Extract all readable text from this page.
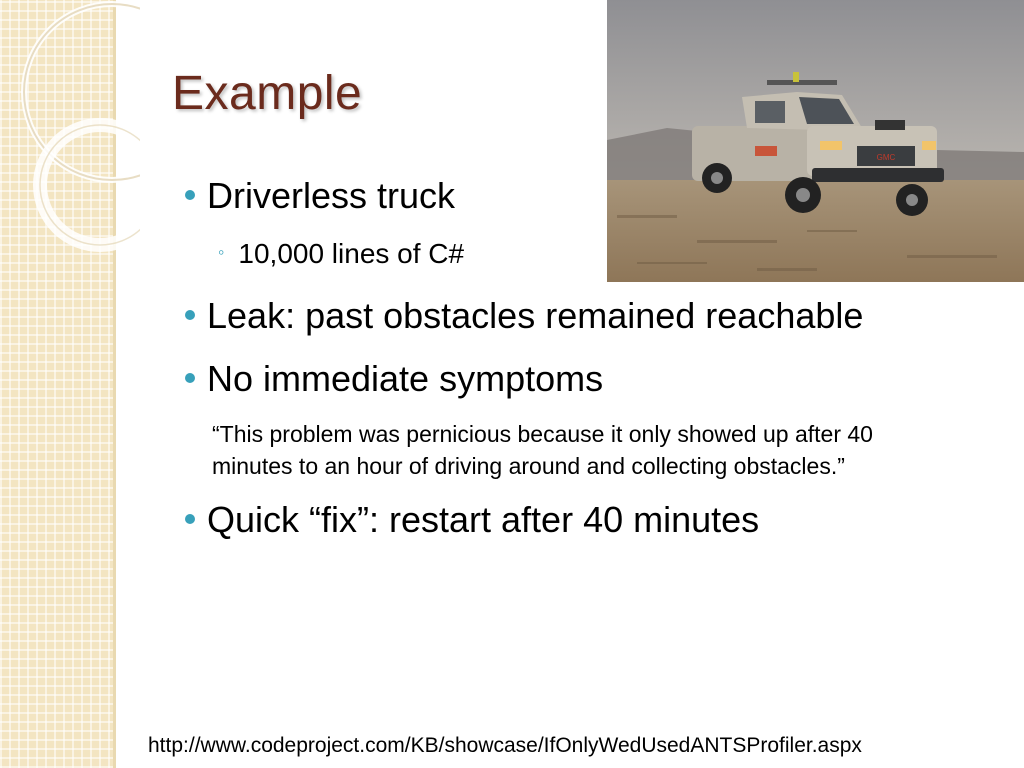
Example
GMC
Driverless truck
◦ 10,000 lines of C#
Leak: past obstacles remained reachable
No immediate symptoms

“This problem was pernicious because it only showed up after 40

minutes to an hour of driving around and collecting obstacles.”

Quick “fix”: restart after 40 minutes
http://www.codeproject.com/KB/showcase/IfOnlyWedUsedANTSProfiler.aspx
